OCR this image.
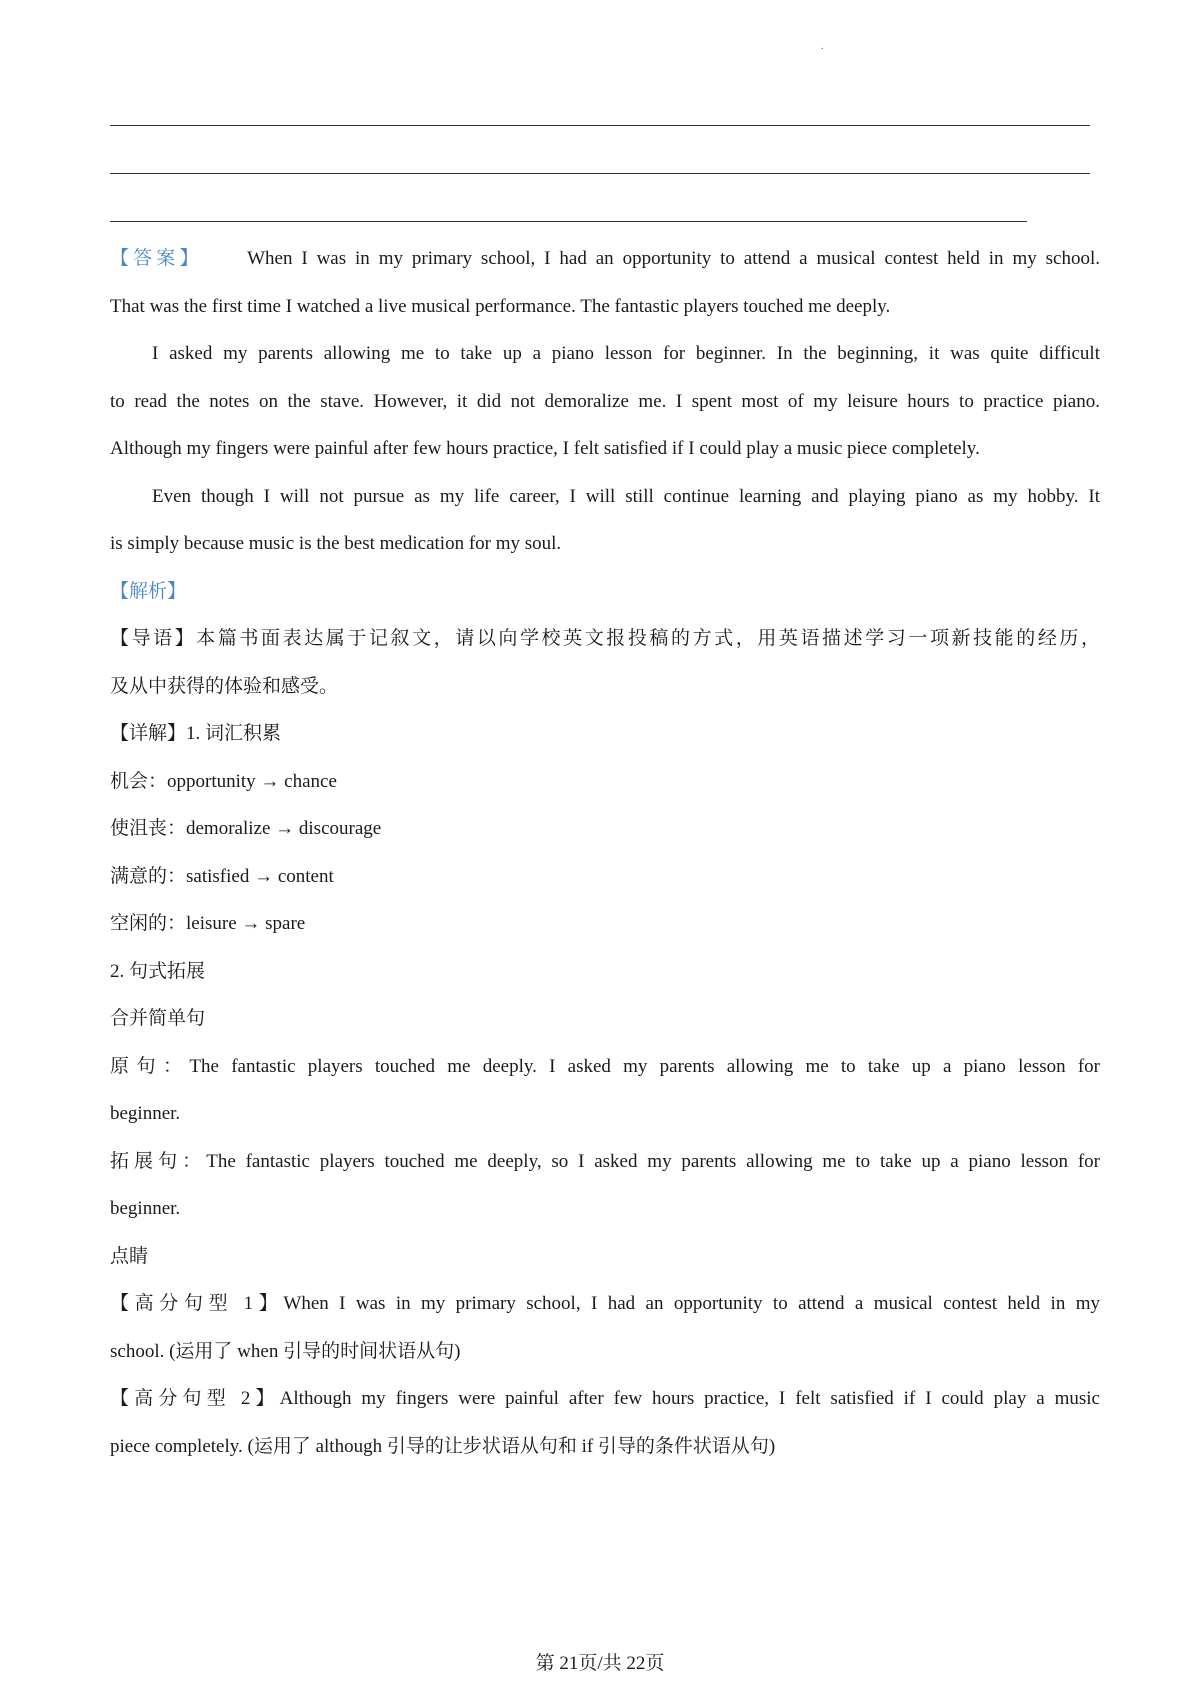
.
【答案】 When I was in my primary school, I had an opportunity to attend a musical contest held in my school.
That was the first time I watched a live musical performance. The fantastic players touched me deeply.
I asked my parents allowing me to take up a piano lesson for beginner. In the beginning, it was quite difficult
to read the notes on the stave. However, it did not demoralize me. I spent most of my leisure hours to practice piano.
Although my fingers were painful after few hours practice, I felt satisfied if I could play a music piece completely.
Even though I will not pursue as my life career, I will still continue learning and playing piano as my hobby. It
is simply because music is the best medication for my soul.
【解析】
【导语】本篇书面表达属于记叙文，请以向学校英文报投稿的方式，用英语描述学习一项新技能的经历，
及从中获得的体验和感受。
【详解】1. 词汇积累
机会：opportunity → chance
使沮丧：demoralize → discourage
满意的：satisfied → content
空闲的：leisure → spare
2. 句式拓展
合并简单句
原句：The fantastic players touched me deeply. I asked my parents allowing me to take up a piano lesson for
beginner.
拓展句：The fantastic players touched me deeply, so I asked my parents allowing me to take up a piano lesson for
beginner.
点睛
【高分句型 1】When I was in my primary school, I had an opportunity to attend a musical contest held in my
school. (运用了 when 引导的时间状语从句)
【高分句型 2】Although my fingers were painful after few hours practice, I felt satisfied if I could play a music
piece completely. (运用了 although 引导的让步状语从句和 if 引导的条件状语从句)
第 21页/共 22页
